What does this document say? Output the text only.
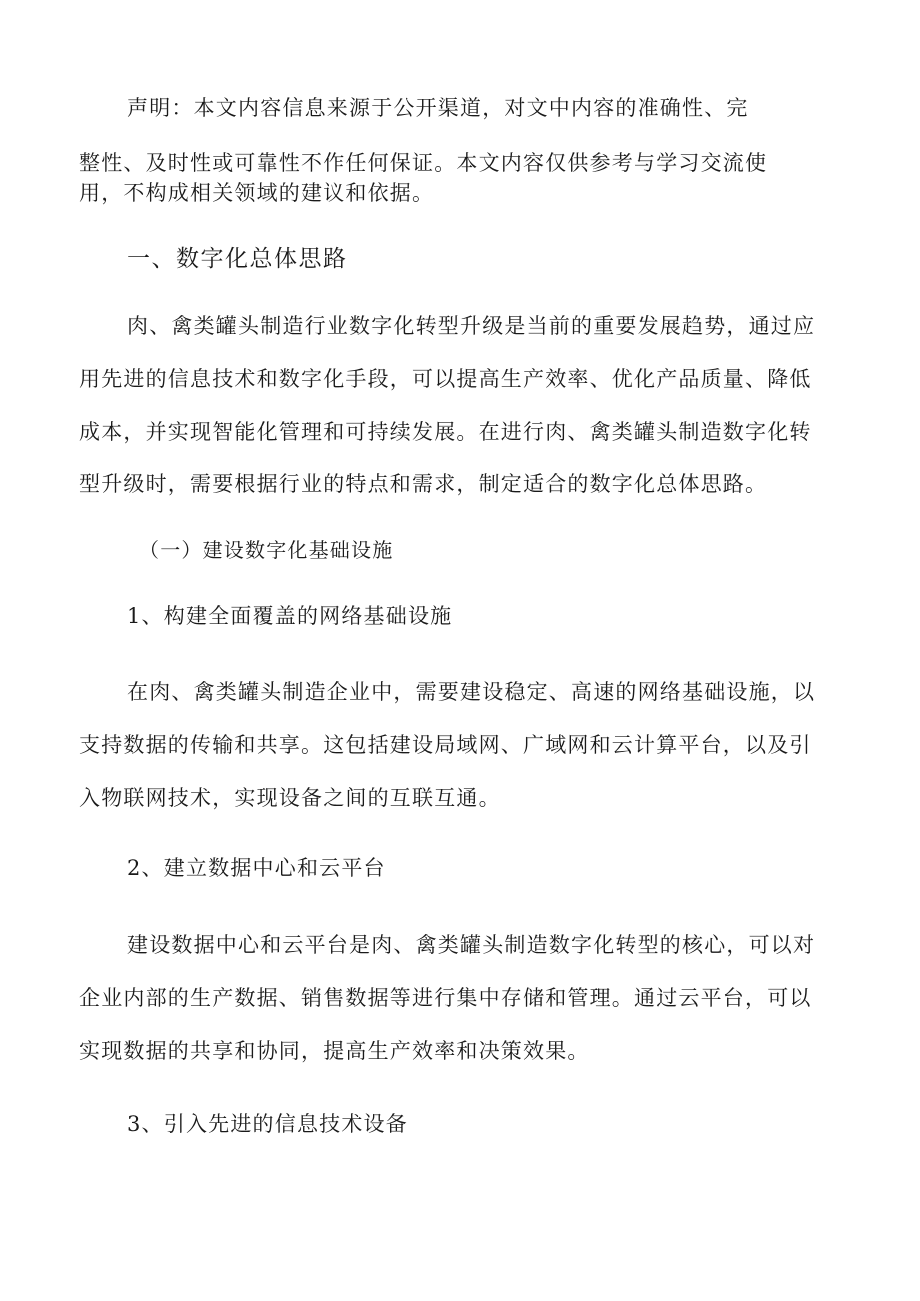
声明：本文内容信息来源于公开渠道，对文中内容的准确性、完
整性、及时性或可靠性不作任何保证。本文内容仅供参考与学习交流使
用，不构成相关领域的建议和依据。
一、数字化总体思路
肉、禽类罐头制造行业数字化转型升级是当前的重要发展趋势，通过应
用先进的信息技术和数字化手段，可以提高生产效率、优化产品质量、降低
成本，并实现智能化管理和可持续发展。在进行肉、禽类罐头制造数字化转
型升级时，需要根据行业的特点和需求，制定适合的数字化总体思路。
（一）建设数字化基础设施
1、构建全面覆盖的网络基础设施
在肉、禽类罐头制造企业中，需要建设稳定、高速的网络基础设施，以
支持数据的传输和共享。这包括建设局域网、广域网和云计算平台，以及引
入物联网技术，实现设备之间的互联互通。
2、建立数据中心和云平台
建设数据中心和云平台是肉、禽类罐头制造数字化转型的核心，可以对
企业内部的生产数据、销售数据等进行集中存储和管理。通过云平台，可以
实现数据的共享和协同，提高生产效率和决策效果。
3、引入先进的信息技术设备
